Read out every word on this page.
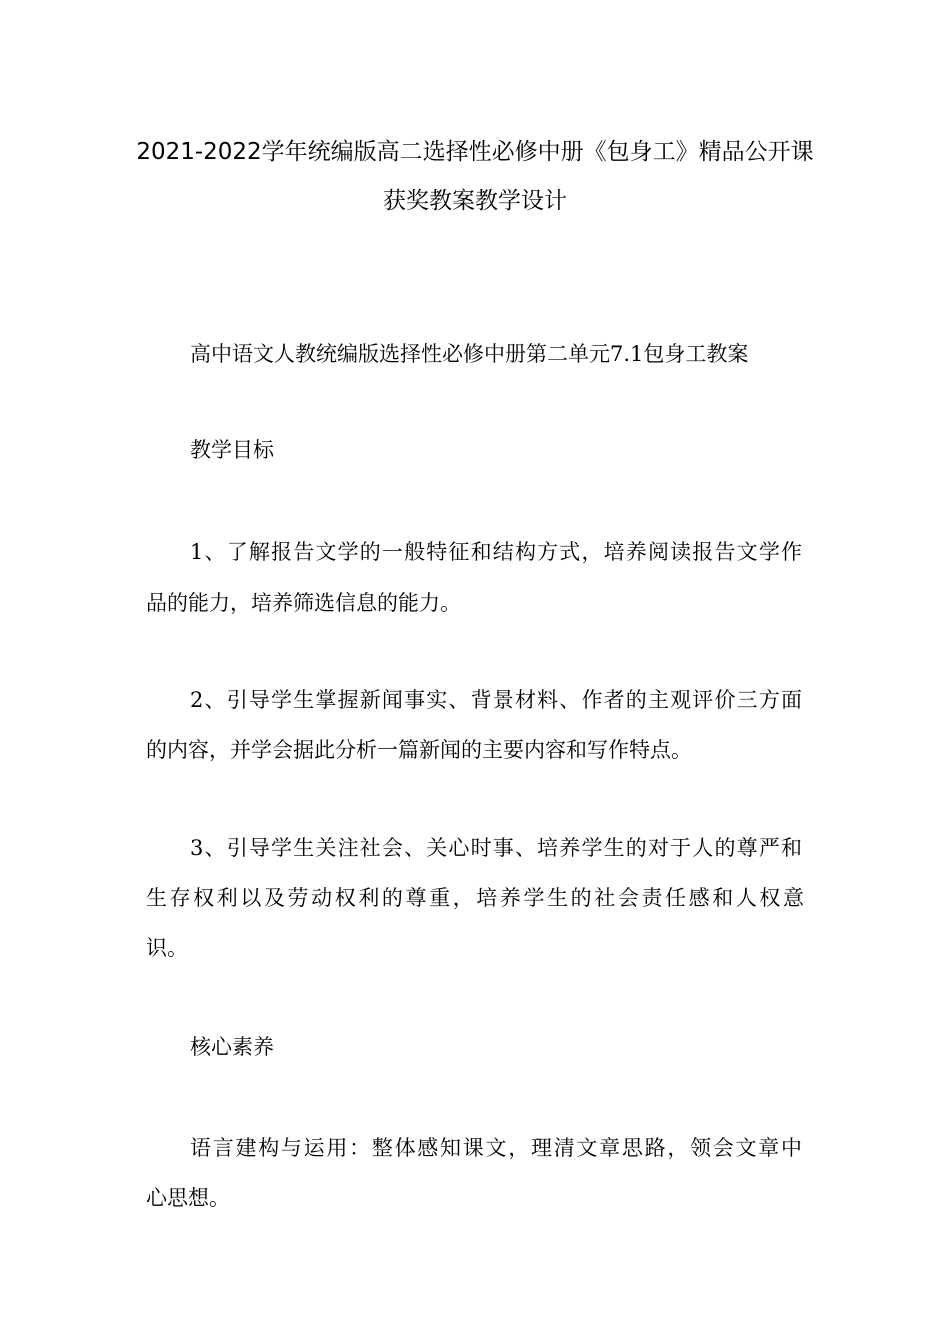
2021-2022学年统编版高二选择性必修中册《包身工》精品公开课
获奖教案教学设计
高中语文人教统编版选择性必修中册第二单元7.1包身工教案
教学目标
1、了解报告文学的一般特征和结构方式，培养阅读报告文学作
品的能力，培养筛选信息的能力。
2、引导学生掌握新闻事实、背景材料、作者的主观评价三方面
的内容，并学会据此分析一篇新闻的主要内容和写作特点。
3、引导学生关注社会、关心时事、培养学生的对于人的尊严和
生存权利以及劳动权利的尊重，培养学生的社会责任感和人权意
识。
核心素养
语言建构与运用：整体感知课文，理清文章思路，领会文章中
心思想。
